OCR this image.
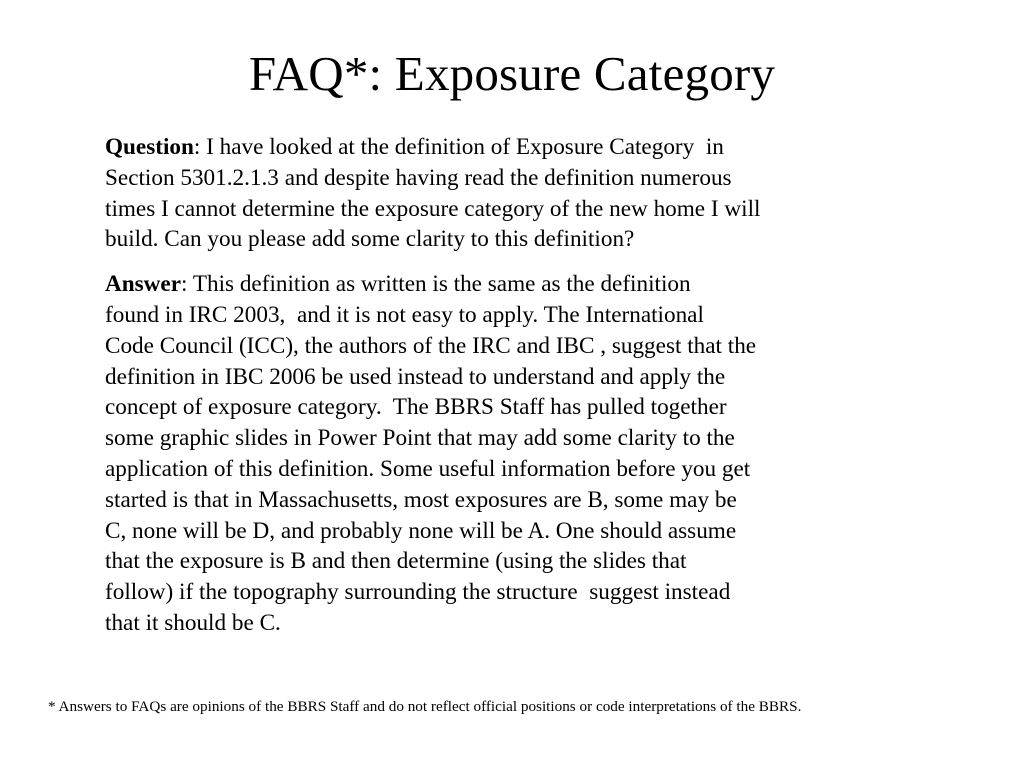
FAQ*: Exposure Category
Question: I have looked at the definition of Exposure Category  in
Section 5301.2.1.3 and despite having read the definition numerous
times I cannot determine the exposure category of the new home I will
build. Can you please add some clarity to this definition?
Answer: This definition as written is the same as the definition
found in IRC 2003,  and it is not easy to apply. The International
Code Council (ICC), the authors of the IRC and IBC , suggest that the
definition in IBC 2006 be used instead to understand and apply the
concept of exposure category.  The BBRS Staff has pulled together
some graphic slides in Power Point that may add some clarity to the
application of this definition. Some useful information before you get
started is that in Massachusetts, most exposures are B, some may be
C, none will be D, and probably none will be A. One should assume
that the exposure is B and then determine (using the slides that
follow) if the topography surrounding the structure  suggest instead
that it should be C.
* Answers to FAQs are opinions of the BBRS Staff and do not reflect official positions or code interpretations of the BBRS.
